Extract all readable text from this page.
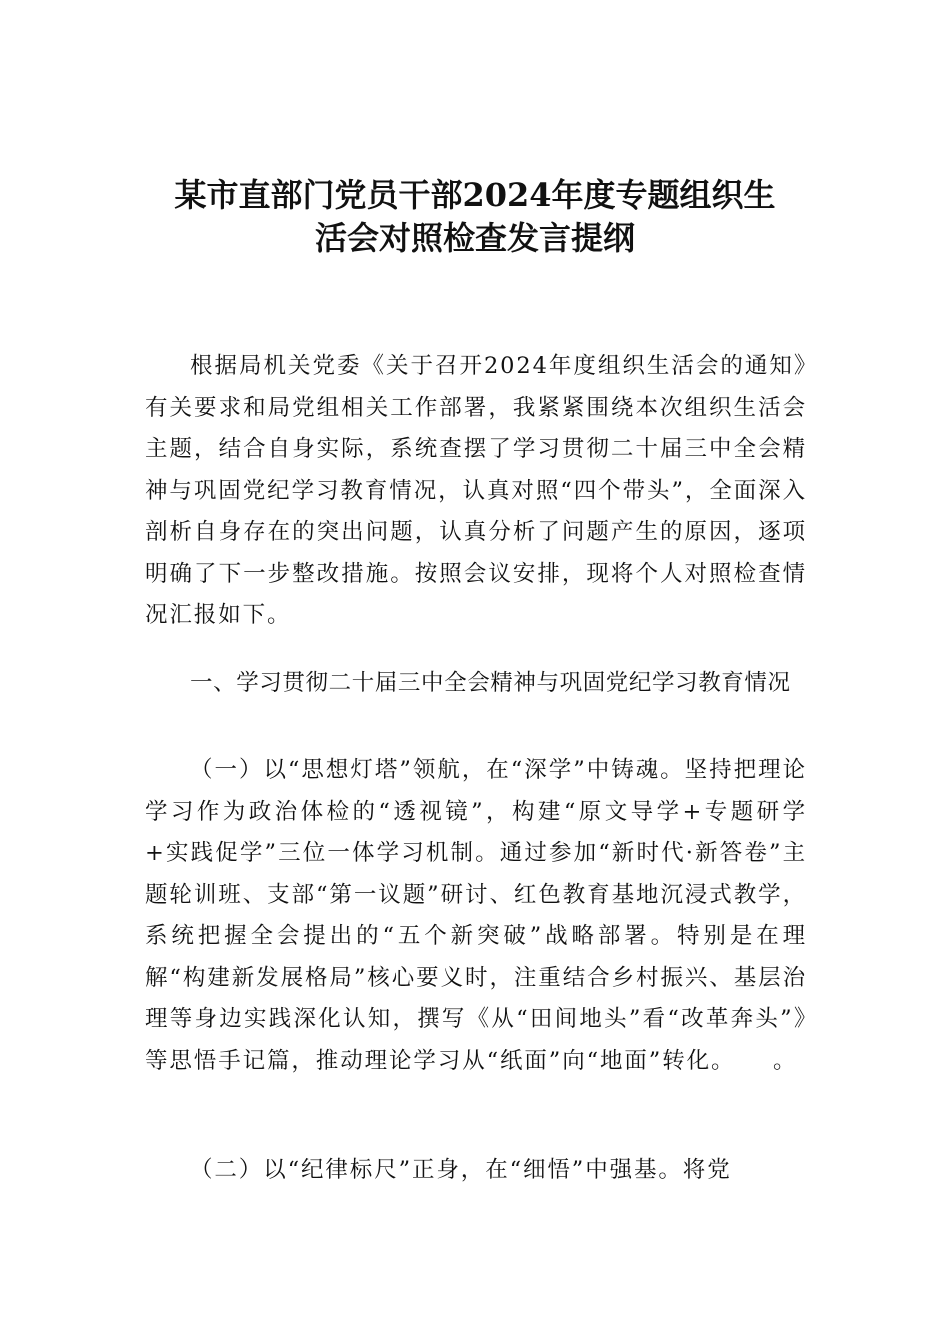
某市直部门党员干部2024年度专题组织生
活会对照检查发言提纲

根据局机关党委《关于召开2024年度组织生活会的通知》有关要求和局党组相关工作部署，我紧紧围绕本次组织生活会主题，结合自身实际，系统查摆了学习贯彻二十届三中全会精神与巩固党纪学习教育情况，认真对照“四个带头”，全面深入剖析自身存在的突出问题，认真分析了问题产生的原因，逐项明确了下一步整改措施。按照会议安排，现将个人对照检查情况汇报如下。

一、学习贯彻二十届三中全会精神与巩固党纪学习教育情况

（一）以“思想灯塔”领航，在“深学”中铸魂。坚持把理论学习作为政治体检的“透视镜”，构建“原文导学+专题研学+实践促学”三位一体学习机制。通过参加“新时代·新答卷”主题轮训班、支部“第一议题”研讨、红色教育基地沉浸式教学，系统把握全会提出的“五个新突破”战略部署。特别是在理解“构建新发展格局”核心要义时，注重结合乡村振兴、基层治理等身边实践深化认知，撰写《从“田间地头”看“改革奔头”》等思悟手记篇，推动理论学习从“纸面”向“地面”转化。　　。

（二）以“纪律标尺”正身，在“细悟”中强基。将党
